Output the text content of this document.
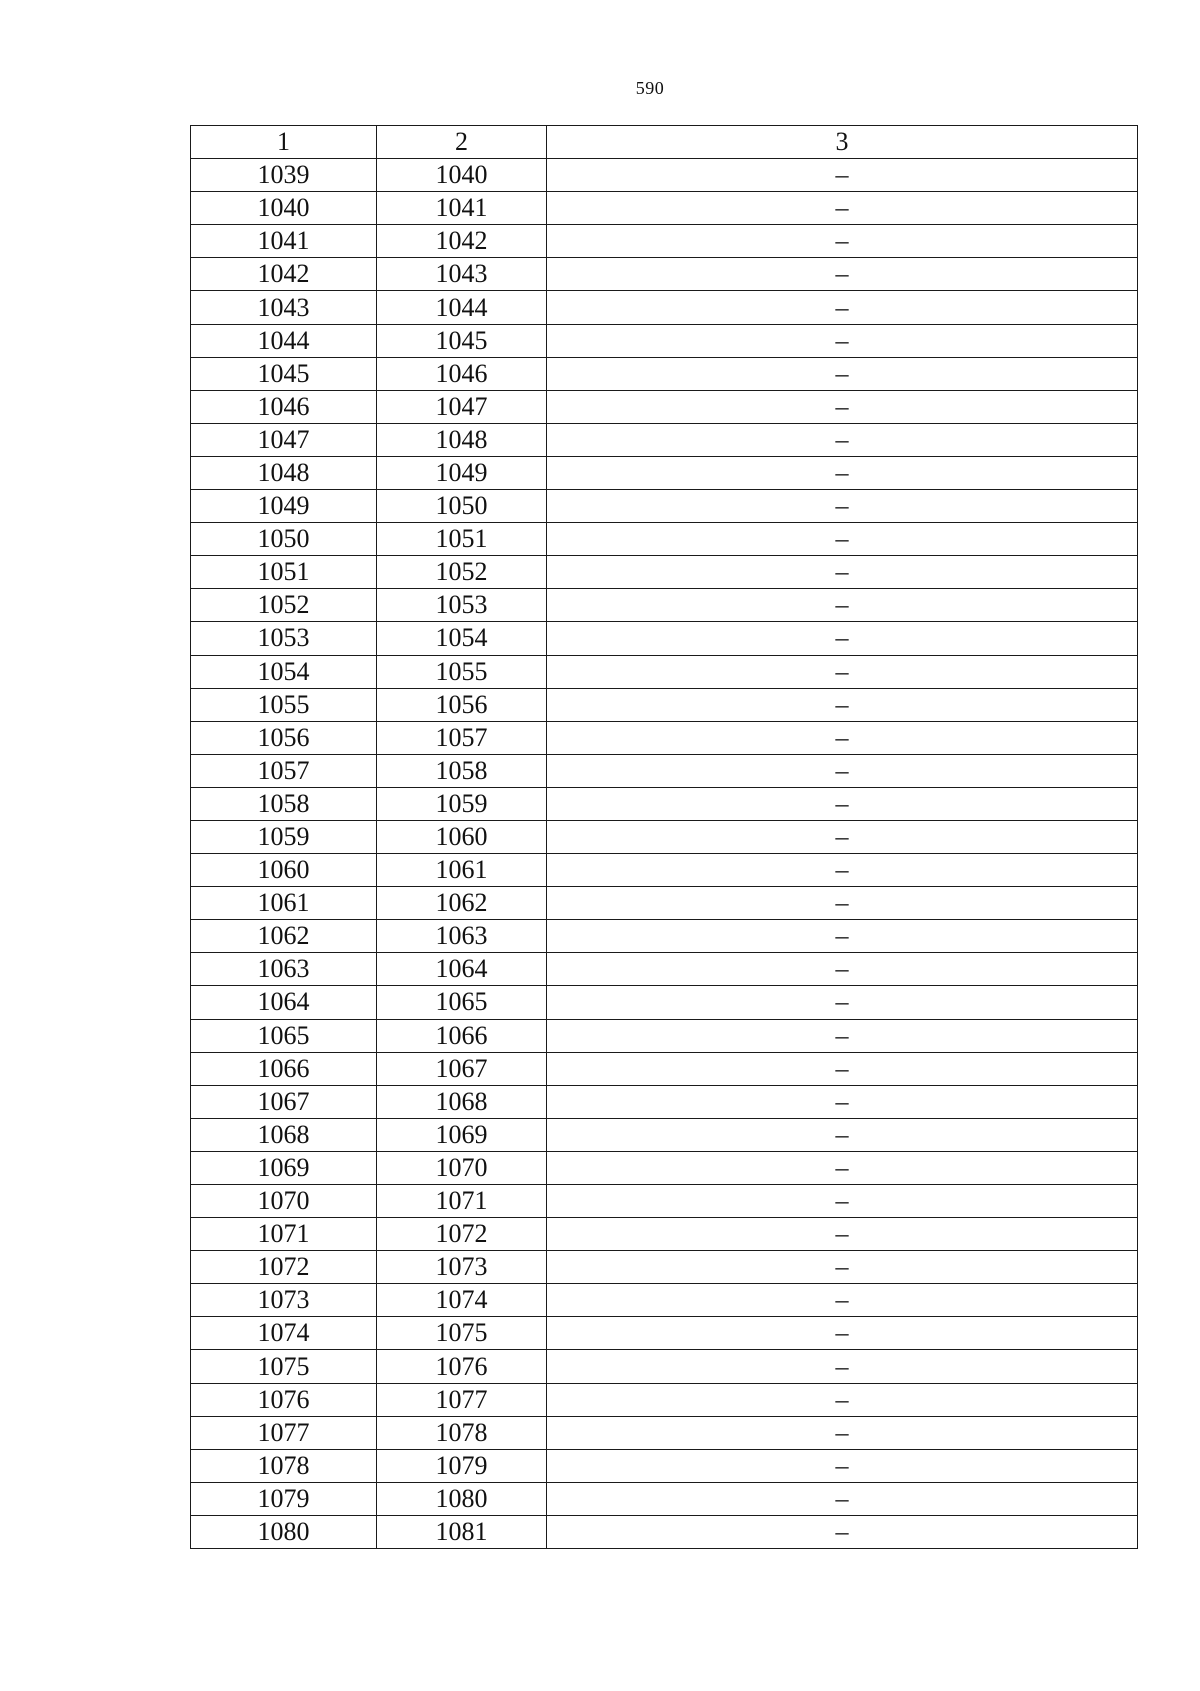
590
1	2	3
1039	1040	–
1040	1041	–
1041	1042	–
1042	1043	–
1043	1044	–
1044	1045	–
1045	1046	–
1046	1047	–
1047	1048	–
1048	1049	–
1049	1050	–
1050	1051	–
1051	1052	–
1052	1053	–
1053	1054	–
1054	1055	–
1055	1056	–
1056	1057	–
1057	1058	–
1058	1059	–
1059	1060	–
1060	1061	–
1061	1062	–
1062	1063	–
1063	1064	–
1064	1065	–
1065	1066	–
1066	1067	–
1067	1068	–
1068	1069	–
1069	1070	–
1070	1071	–
1071	1072	–
1072	1073	–
1073	1074	–
1074	1075	–
1075	1076	–
1076	1077	–
1077	1078	–
1078	1079	–
1079	1080	–
1080	1081	–
